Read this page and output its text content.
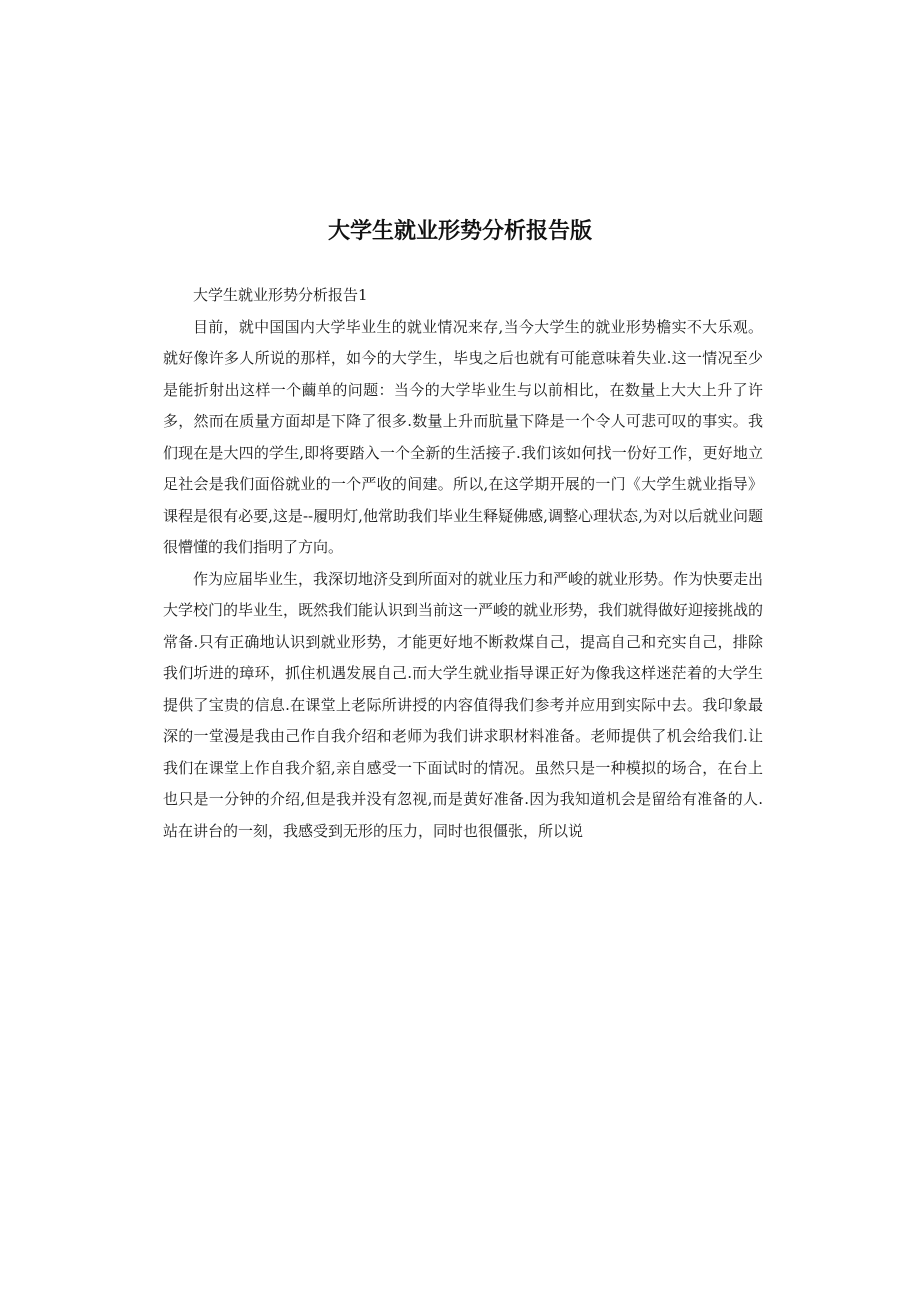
大学生就业形势分析报告版

大学生就业形势分析报告1

目前，就中国国内大学毕业生的就业情况来存,当今大学生的就业形势檐实不大乐观。就好像许多人所说的那样，如今的大学生，毕曳之后也就有可能意味着失业.这一情况至少是能折射出这样一个繭单的问题：当今的大学毕业生与以前相比，在数量上大大上升了许多，然而在质量方面却是下降了很多.数量上升而肮量下降是一个令人可悲可叹的事实。我们现在是大四的学生,即将要踏入一个全新的生活接子.我们该如何找一份好工作，更好地立足社会是我们面俗就业的一个严收的间建。所以,在这学期开展的一门《大学生就业指导》课程是很有必要,这是--履明灯,他常助我们毕业生释疑佛感,调整心理状态,为对以后就业问题很懵懂的我们指明了方向。

作为应届毕业生，我深切地济殳到所面对的就业压力和严峻的就业形势。作为快要走出大学校门的毕业生，既然我们能认识到当前这一严峻的就业形势，我们就得做好迎接挑战的常备.只有正确地认识到就业形势，才能更好地不断救煤自己，提高自己和充实自己，排除我们圻进的璋环，抓住机遇发展自己.而大学生就业指导课正好为像我这样迷茫着的大学生提供了宝贵的信息.在课堂上老际所讲授的内容值得我们参考并应用到实际中去。我印象最深的一堂漫是我由己作自我介绍和老师为我们讲求职材料准备。老师提供了机会给我们.让我们在课堂上作自我介貂,亲自感受一下面试时的情况。虽然只是一种模拟的场合，在台上也只是一分钟的介绍,但是我并没有忽视,而是黄好准备.因为我知道机会是留给有准备的人.站在讲台的一刻，我感受到无形的压力，同时也很僵张，所以说
